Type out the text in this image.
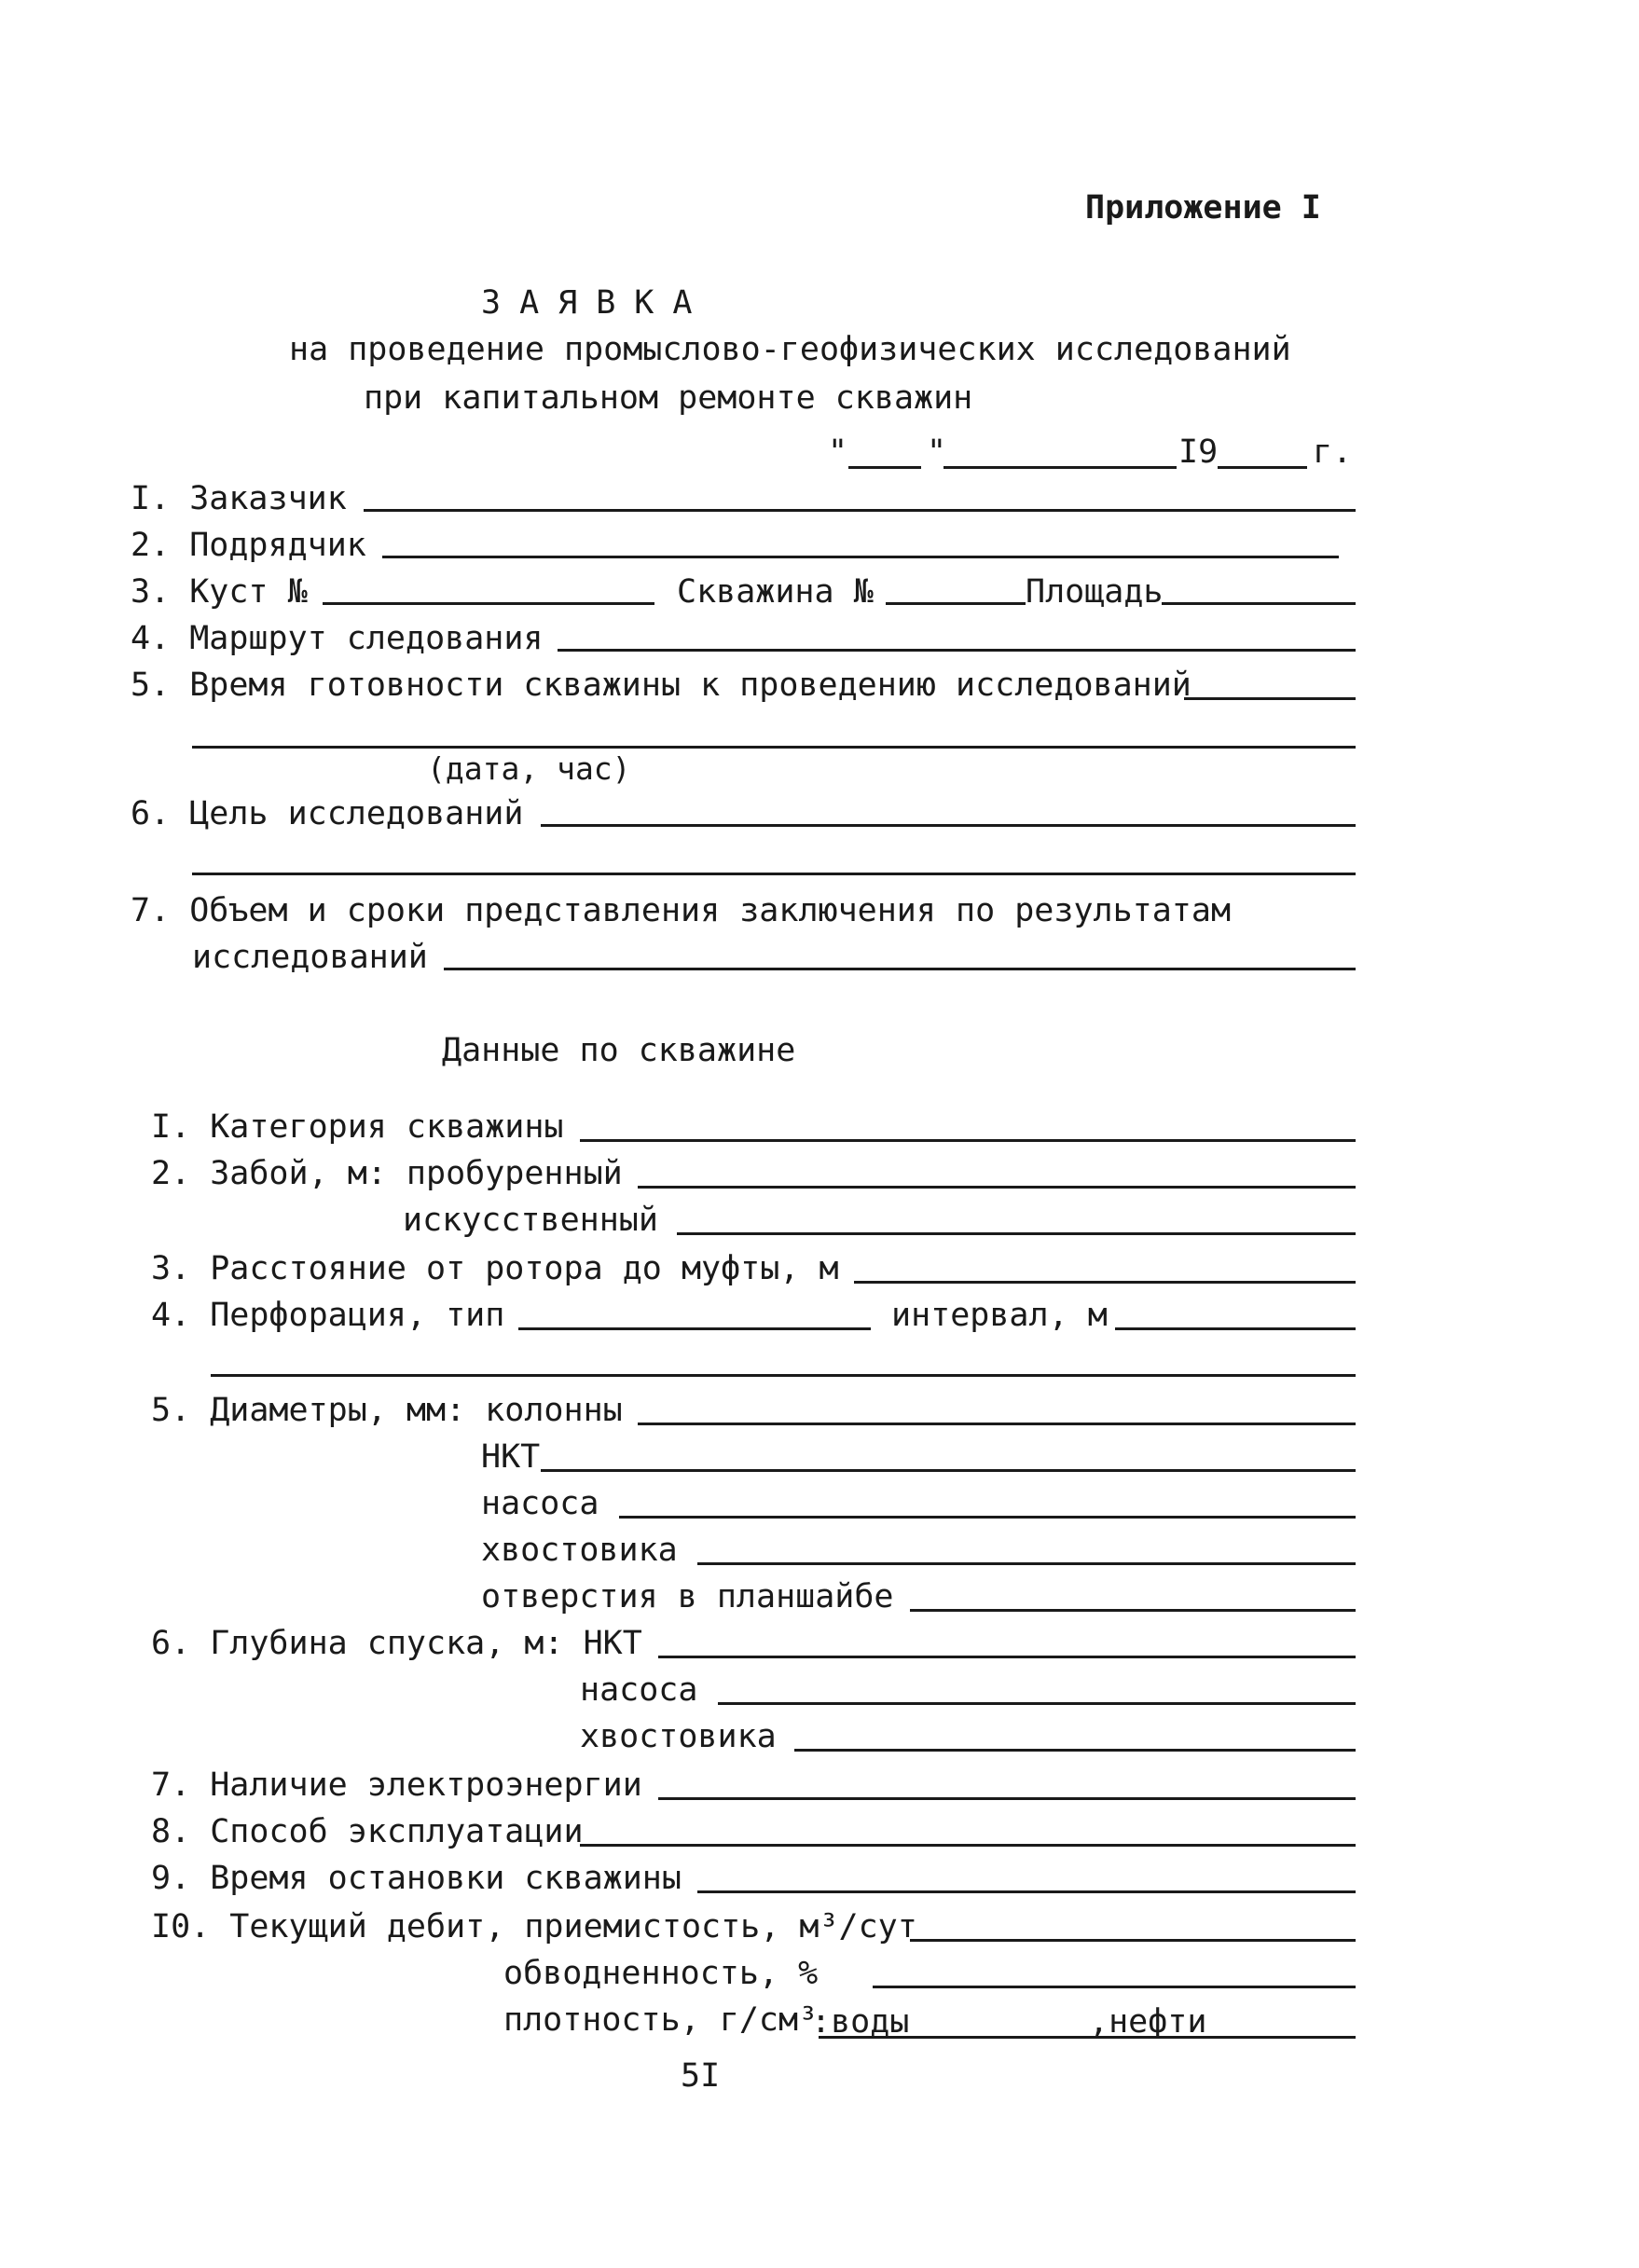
Приложение I
ЗАЯВКА
на проведение промыслово-геофизических исследований
при капитальном ремонте скважин
" "	I9	г.
I. Заказчик
2. Подрядчик
3. Куст №	Скважина №	Площадь
4. Маршрут следования
5. Время готовности скважины к проведению исследований
(дата, час)
6. Цель исследований
7. Объем и сроки представления заключения по результатам
исследований
Данные по скважине
I. Категория скважины
2. Забой, м: пробуренный
искусственный
3. Расстояние от ротора до муфты, м
4. Перфорация, тип	интервал, м
5. Диаметры, мм: колонны
НКТ
насоса
хвостовика
отверстия в планшайбе
6. Глубина спуска, м: НКТ
насоса
хвостовика
7. Наличие электроэнергии
8. Способ эксплуатации
9. Время остановки скважины
I0. Текущий дебит, приемистость, м³/сут
обводненность, %
плотность, г/см³
:воды	,нефти
5I
